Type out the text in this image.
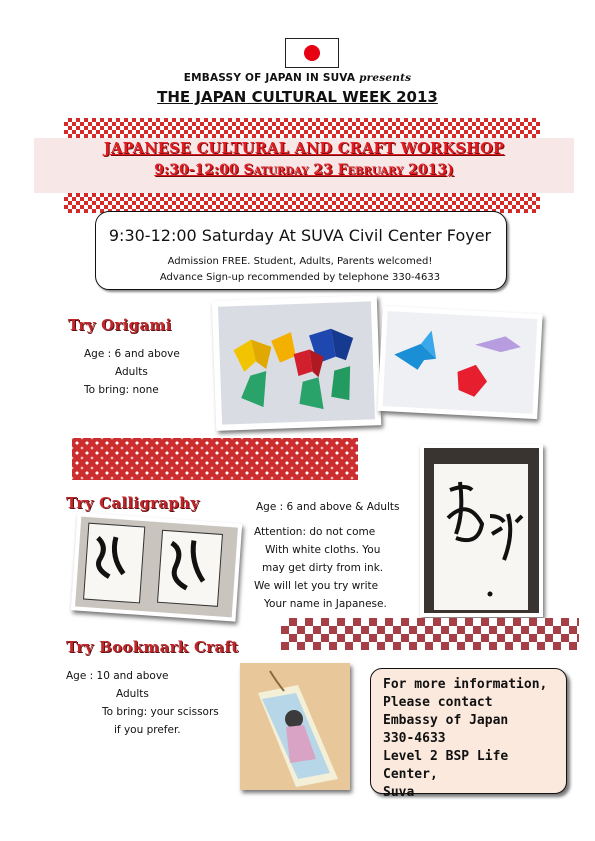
EMBASSY OF JAPAN IN SUVA presents
THE JAPAN CULTURAL WEEK 2013
JAPANESE CULTURAL AND CRAFT WORKSHOP
9:30-12:00 Saturday 23 February 2013)
9:30-12:00 Saturday At SUVA Civil Center Foyer
Admission FREE. Student, Adults, Parents welcomed!
Advance Sign-up recommended by telephone 330-4633
Try Origami
Age : 6 and above
Adults
To bring: none
Try Calligraphy	Age : 6 and above & Adults
Attention: do not come
With white cloths. You
may get dirty from ink.
We will let you try write
Your name in Japanese.
Try Bookmark Craft
Age : 10 and above
Adults
To bring: your scissors
if you prefer.
For more information,
Please contact
Embassy of Japan
330-4633
Level 2 BSP Life Center,
Suva
